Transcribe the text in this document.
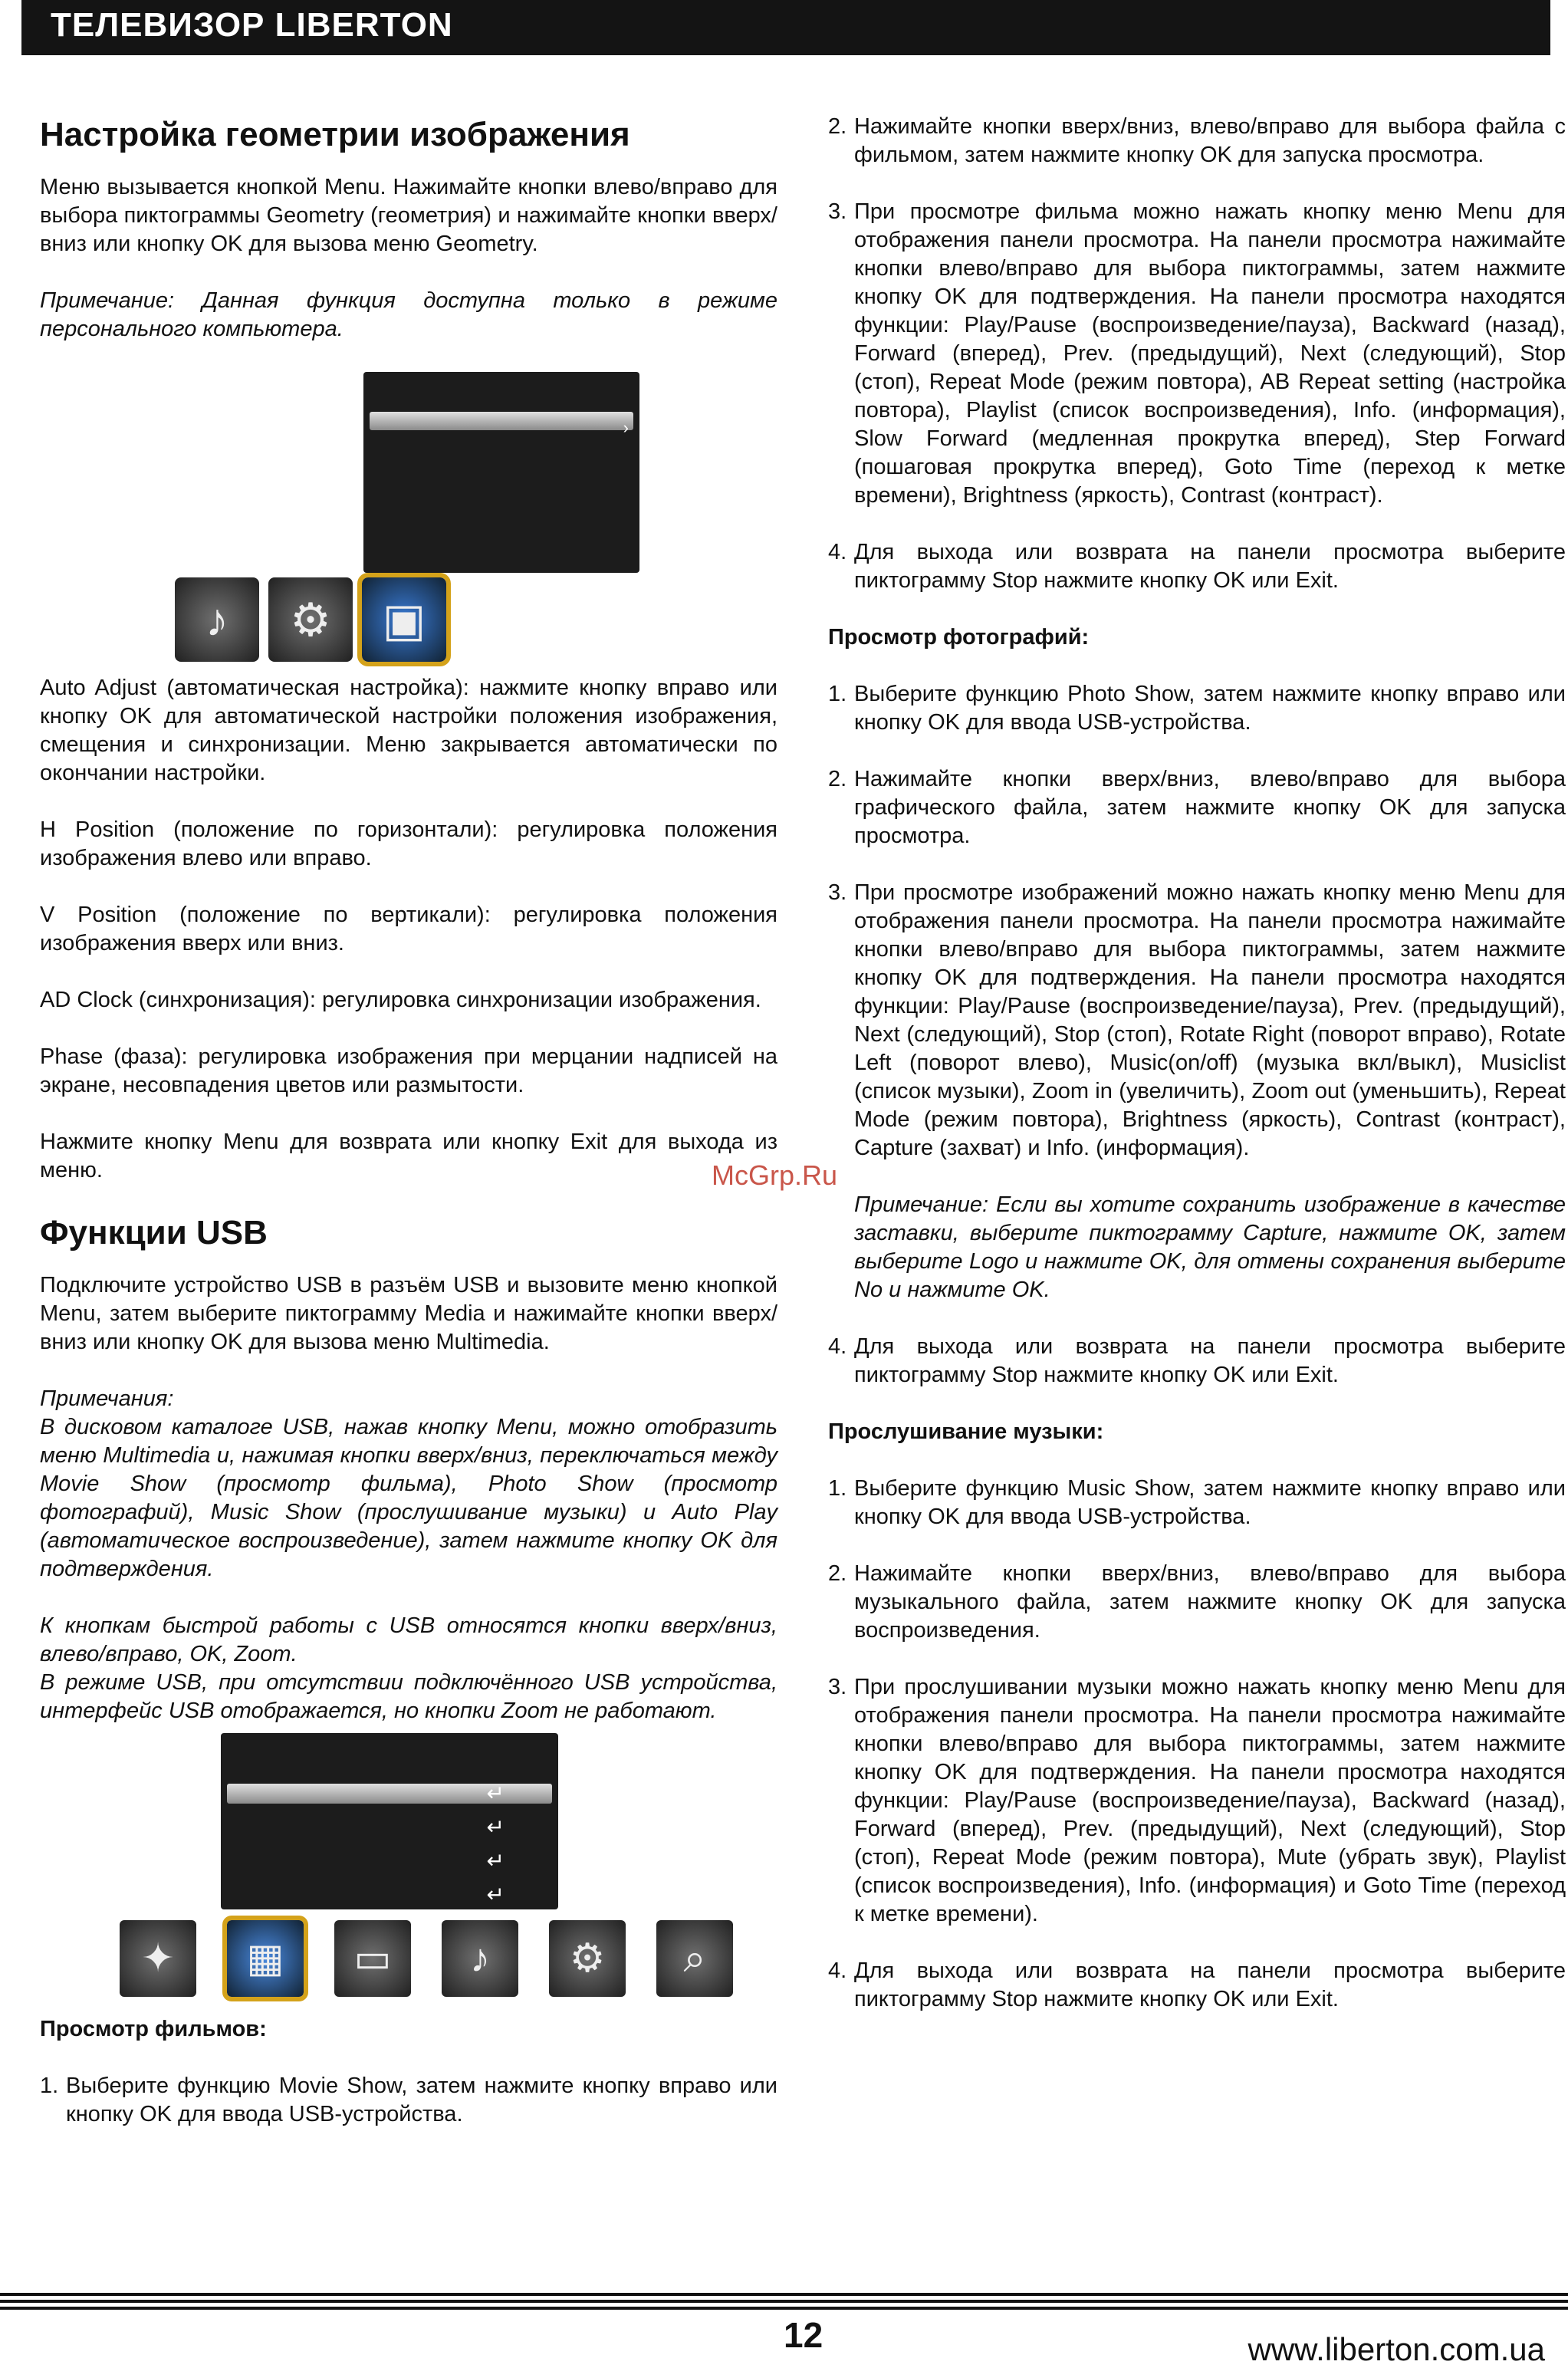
ТЕЛЕВИЗОР LIBERTON
Настройка геометрии изображения

Меню вызывается кнопкой Menu. Нажимайте кнопки влево/вправо для выбора пиктограммы Geometry (геометрия) и нажимайте кнопки вверх/вниз или кнопку OK для вызова меню Geometry.

Примечание: Данная функция доступна только в режиме персонального компьютера.

›
♪	⚙	▣

Auto Adjust (автоматическая настройка): нажмите кнопку вправо или кнопку OK для автоматической настройки положения изображения, смещения и синхронизации. Меню закрывается автоматически по окончании настройки.

H Position (положение по горизонтали): регулировка положения изображения влево или вправо.

V Position (положение по вертикали): регулировка положения изображения вверх или вниз.

AD Clock (синхронизация): регулировка синхронизации изображения.

Phase (фаза): регулировка изображения при мерцании надписей на экране, несовпадения цветов или размытости.

Нажмите кнопку Menu для возврата или кнопку Exit для выхода из меню.

Функции USB

Подключите устройство USB в разъём USB и вызовите меню кнопкой Menu, затем выберите пиктограмму Media и нажимайте кнопки вверх/вниз или кнопку OK для вызова меню Multimedia.

Примечания:

В дисковом каталоге USB, нажав кнопку Menu, можно отобразить меню Multimedia и, нажимая кнопки вверх/вниз, переключаться между Movie Show (просмотр фильма), Photo Show (просмотр фотографий), Music Show (прослушивание музыки) и Auto Play (автоматическое воспроизведение), затем нажмите кнопку OK для подтверждения.

К кнопкам быстрой работы с USB относятся кнопки вверх/вниз, влево/вправо, OK, Zoom.

В режиме USB, при отсутствии подключённого USB устройства, интерфейс USB отображается, но кнопки Zoom не работают.

↵
↵
↵
↵
✦	▦	▭	♪	⚙	⌕

Просмотр фильмов:

1. Выберите функцию Movie Show, затем нажмите кнопку вправо или кнопку OK для ввода USB-устройства.
2. Нажимайте кнопки вверх/вниз, влево/вправо для выбора файла с фильмом, затем нажмите кнопку OK для запуска просмотра.
3. При просмотре фильма можно нажать кнопку меню Menu для отображения панели просмотра. На панели просмотра нажимайте кнопки влево/вправо для выбора пиктограммы, затем нажмите кнопку OK для подтверждения. На панели просмотра находятся функции: Play/Pause (воспроизведение/пауза), Backward (назад), Forward (вперед), Prev. (предыдущий), Next (следующий), Stop (стоп), Repeat Mode (режим повтора), AB Repeat setting (настройка повтора), Playlist (список воспроизведения), Info. (информация), Slow Forward (медленная прокрутка вперед), Step Forward (пошаговая прокрутка вперед), Goto Time (переход к метке времени), Brightness (яркость), Contrast (контраст).
4. Для выхода или возврата на панели просмотра выберите пиктограмму Stop нажмите кнопку OK или Exit.

Просмотр фотографий:

1. Выберите функцию Photo Show, затем нажмите кнопку вправо или кнопку OK для ввода USB-устройства.
2. Нажимайте кнопки вверх/вниз, влево/вправо для выбора графического файла, затем нажмите кнопку OK для запуска просмотра.
3. При просмотре изображений можно нажать кнопку меню Menu для отображения панели просмотра. На панели просмотра нажимайте кнопки влево/вправо для выбора пиктограммы, затем нажмите кнопку OK для подтверждения. На панели просмотра находятся функции: Play/Pause (воспроизведение/пауза), Prev. (предыдущий), Next (следующий), Stop (стоп), Rotate Right (поворот вправо), Rotate Left (поворот влево), Music(on/off) (музыка вкл/выкл), Musiclist (список музыки), Zoom in (увеличить), Zoom out (уменьшить), Repeat Mode (режим повтора), Brightness (яркость), Contrast (контраст), Capture (захват) и Info. (информация).
Примечание: Если вы хотите сохранить изображение в качестве заставки, выберите пиктограмму Capture, нажмите OK, затем выберите Logo и нажмите OK, для отмены сохранения выберите No и нажмите OK.
4. Для выхода или возврата на панели просмотра выберите пиктограмму Stop нажмите кнопку OK или Exit.

Прослушивание музыки:

1. Выберите функцию Music Show, затем нажмите кнопку вправо или кнопку OK для ввода USB-устройства.
2. Нажимайте кнопки вверх/вниз, влево/вправо для выбора музыкального файла, затем нажмите кнопку OK для запуска воспроизведения.
3. При прослушивании музыки можно нажать кнопку меню Menu для отображения панели просмотра. На панели просмотра нажимайте кнопки влево/вправо для выбора пиктограммы, затем нажмите кнопку OK для подтверждения. На панели просмотра находятся функции: Play/Pause (воспроизведение/пауза), Backward (назад), Forward (вперед), Prev. (предыдущий), Next (следующий), Stop (стоп), Repeat Mode (режим повтора), Mute (убрать звук), Playlist (список воспроизведения), Info. (информация) и Goto Time (переход к метке времени).
4. Для выхода или возврата на панели просмотра выберите пиктограмму Stop нажмите кнопку OK или Exit.
McGrp.Ru
12	www.liberton.com.ua
